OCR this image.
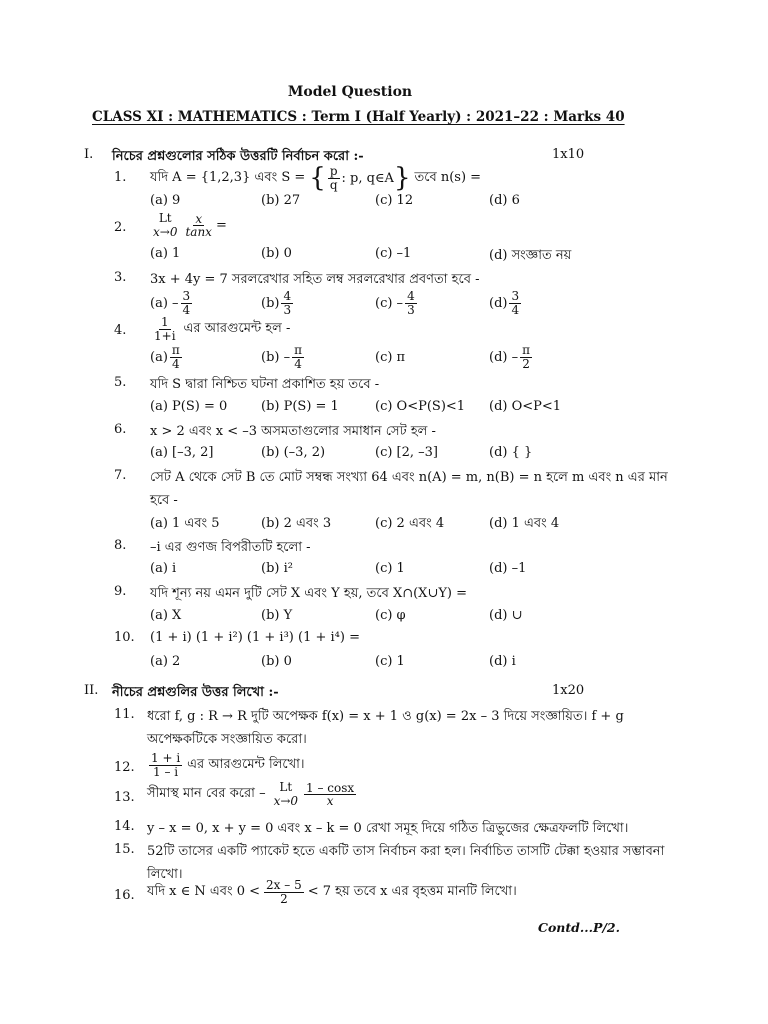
Model Question
CLASS XI : MATHEMATICS : Term I (Half Yearly) : 2021–22 : Marks 40
I. নিচের প্রশ্নগুলোর সঠিক উত্তরটি নির্বাচন করো :-	1x10
1. যদি A = {1,2,3} এবং S = { $\frac{p}{q}$ : p, q∈A } তবে n(s) =
(a) 9	(b) 27	(c) 12	(d) 6
2.
Lt
$x\to 0 \frac{x}{\tan x}$ =
(a) 1	(b) 0	(c) –1	(d) সংজ্ঞাত নয়
3. 3x + 4y = 7 সরলরেখার সহিত লম্ব সরলরেখার প্রবণতা হবে -
$(a) - \frac{3}{4}$	$(b) \frac{4}{3}$	$(c) - \frac{4}{3}$	$(d) \frac{3}{4}$
4. $\frac{1}{1+i}$ এর আরগুমেন্ট হল -
$(a) \frac{\pi}{4}$	$(b) - \frac{\pi}{4}$	(c) π	$(d) - \frac{\pi}{2}$
5. যদি S দ্বারা নিশ্চিত ঘটনা প্রকাশিত হয় তবে -
(a) P(S) = 0	(b) P(S) = 1	(c) O<P(S)<1 (d) O<P<1
6. x > 2 এবং x < –3 অসমতাগুলোর সমাধান সেট হল -
(a) [–3, 2]	(b) (–3, 2)	(c) [2, –3]	(d) { }
7. সেট A থেকে সেট B তে মোট সম্বন্ধ সংখ্যা 64 এবং n(A) = m, n(B) = n হলে m এবং n এর মান
হবে -
(a) 1 এবং 5	(b) 2 এবং 3	(c) 2 এবং 4	(d) 1 এবং 4
8. –i এর গুণজ বিপরীতটি হলো -
(a) i	(b) i²	(c) 1	(d) –1
9. যদি শূন্য নয় এমন দুটি সেট X এবং Y হয়, তবে X∩(X∪Y) =
(a) X	(b) Y	(c) φ	(d) ∪
10. (1 + i) (1 + i²) (1 + i³) (1 + i⁴) =
(a) 2	(b) 0	(c) 1	(d) i
II. নীচের প্রশ্নগুলির উত্তর লিখো :-	1x20
11. ধরো f, g : R → R দুটি অপেক্ষক f(x) = x + 1 ও g(x) = 2x – 3 দিয়ে সংজ্ঞায়িত। f + g
অপেক্ষকটিকে সংজ্ঞায়িত করো।
12. $\frac{1 + i}{1 - i}$ এর আরগুমেন্ট লিখো।
13. সীমাস্থ মান বের করো – Lt
$x\to 0 \frac{1 - \cos x}{x}$
14. y – x = 0, x + y = 0 এবং x – k = 0 রেখা সমূহ দিয়ে গঠিত ত্রিভুজের ক্ষেত্রফলটি লিখো।
15. 52টি তাসের একটি প্যাকেট হতে একটি তাস নির্বাচন করা হল। নির্বাচিত তাসটি টেক্কা হওয়ার সম্ভাবনা
লিখো।
16. যদি x ∈ N এবং $0 < \frac{2x - 5}{2} < 7$ হয় তবে x এর বৃহত্তম মানটি লিখো।
Contd...P/2.
